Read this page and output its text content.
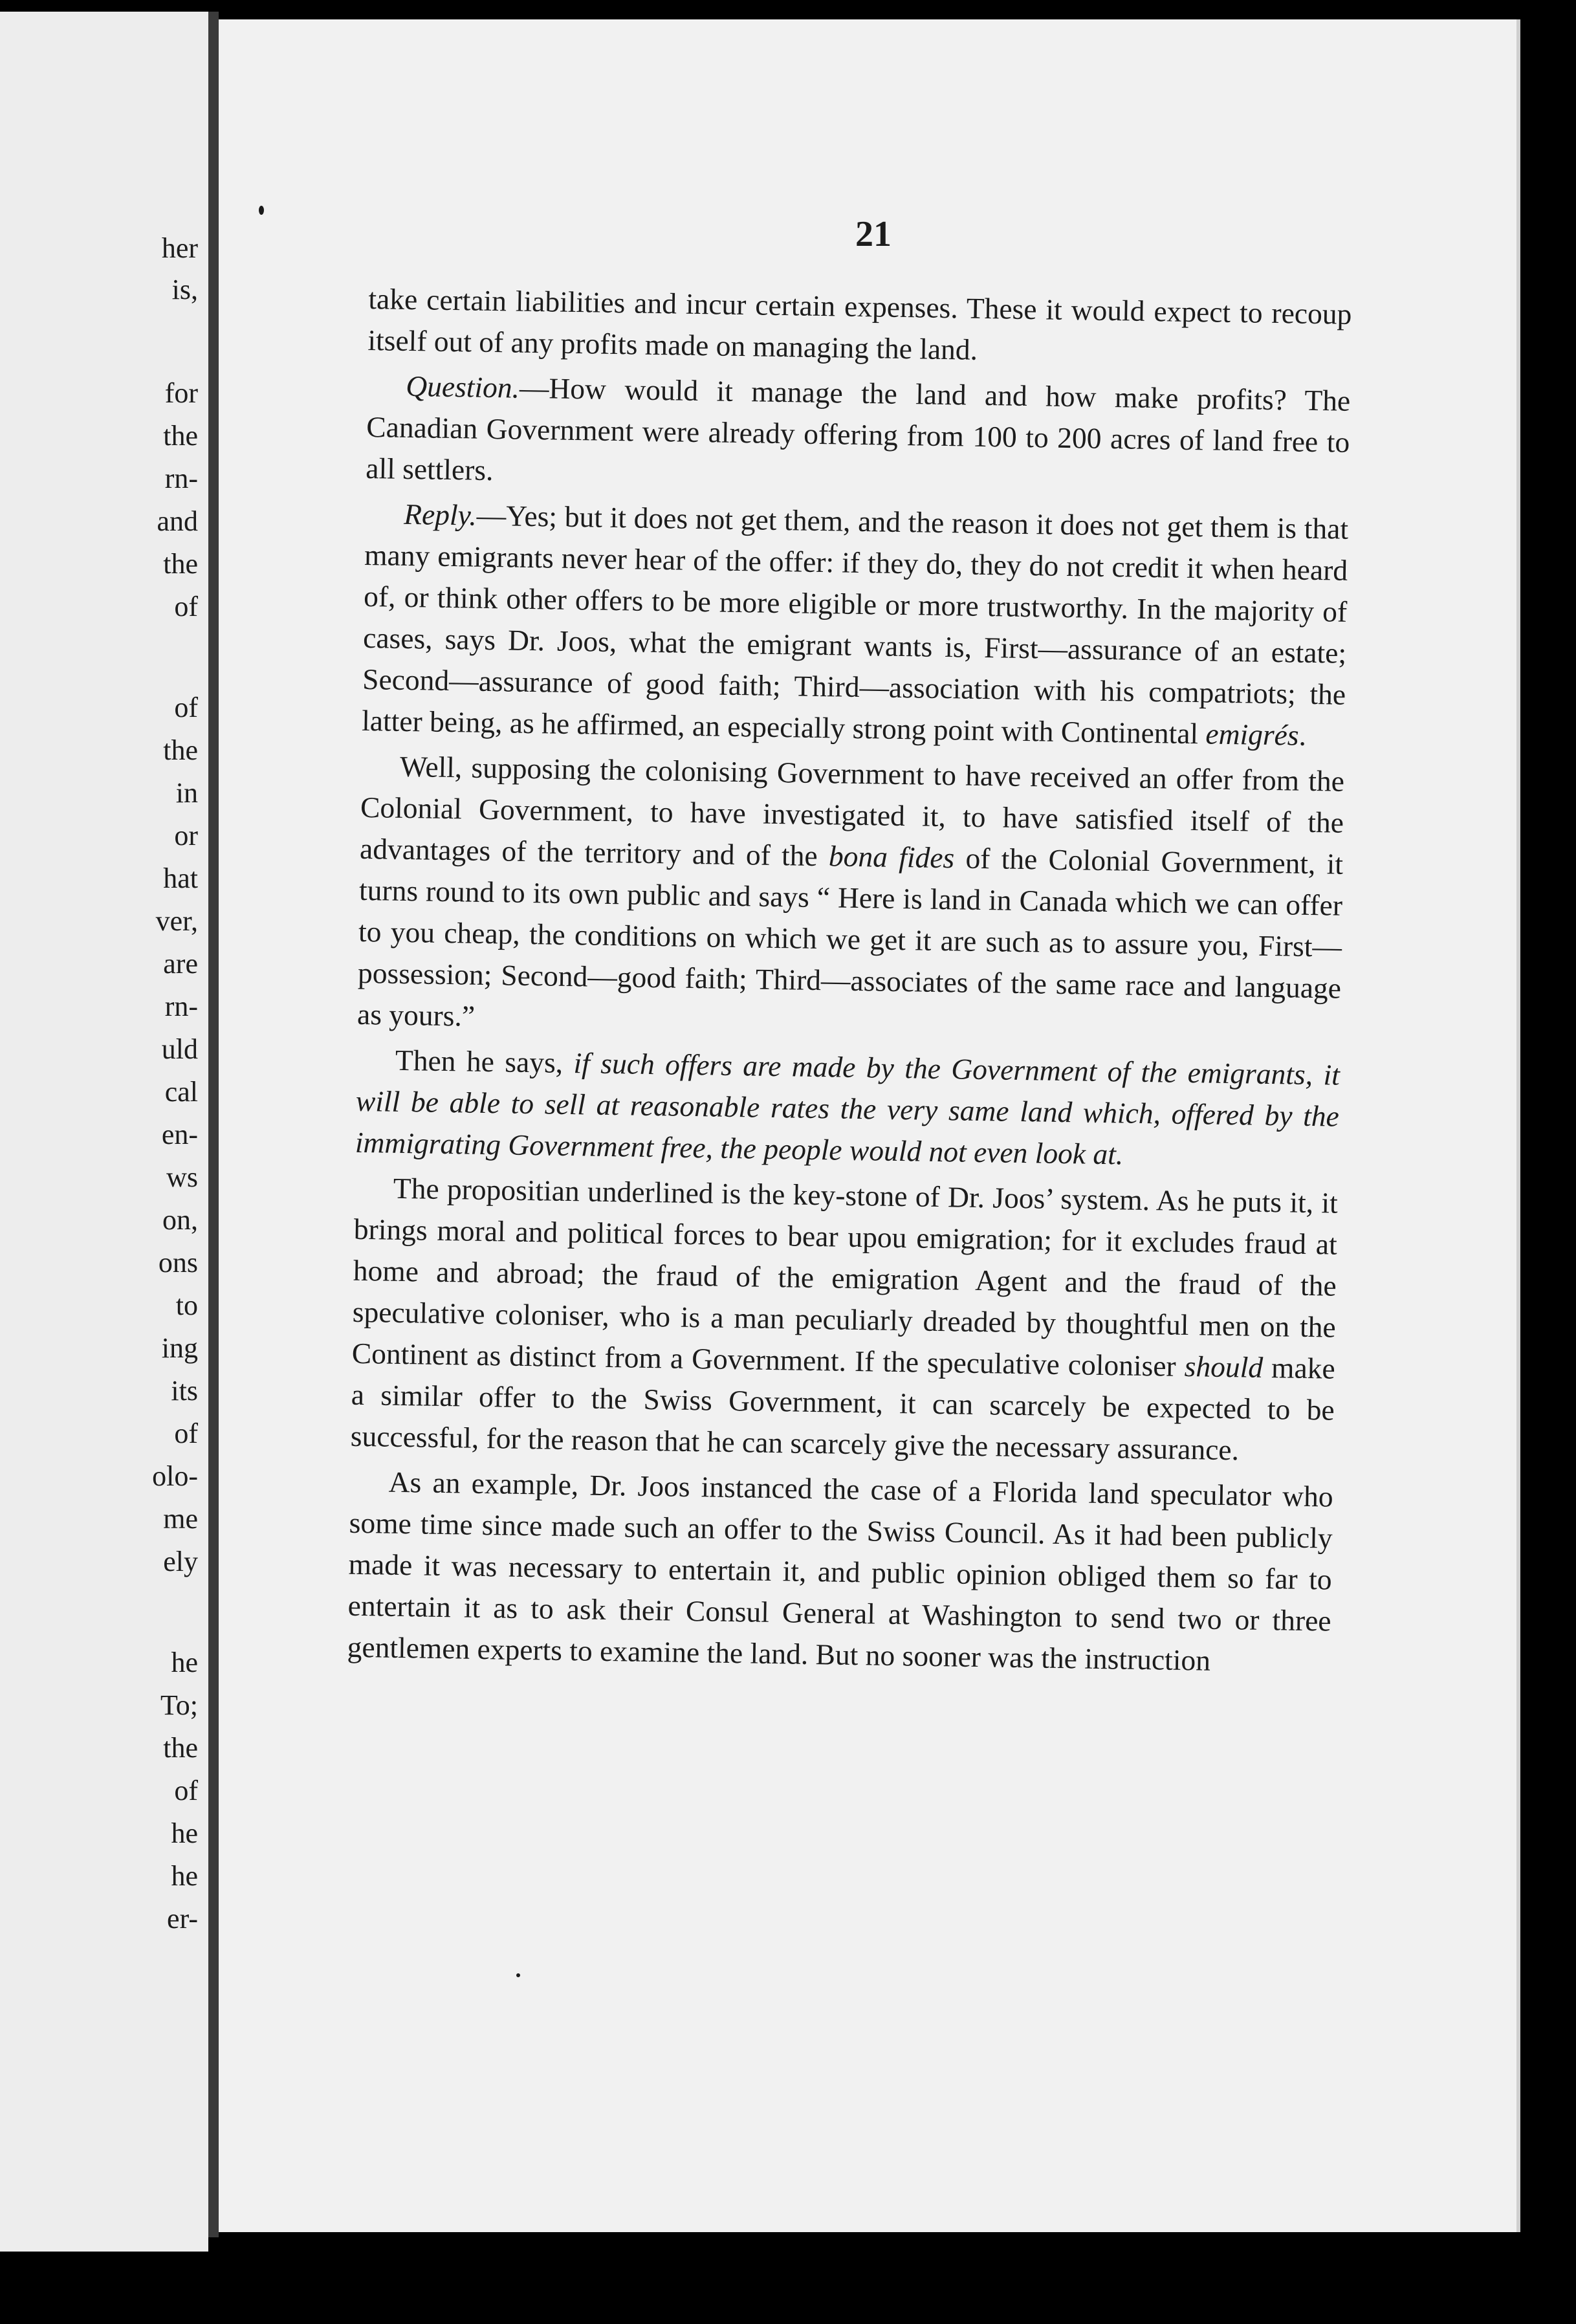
her
is,
for
the
rn-
and
the
of
of
the
in
or
hat
ver,
are
rn-
uld
cal
en-
ws
on,
ons
to
ing
its
of
olo-
me
ely
he
To;
the
of
he
he
er-
21

take certain liabilities and incur certain expenses. These it would expect to recoup itself out of any profits made on managing the land.

Question.—How would it manage the land and how make profits? The Canadian Government were already offering from 100 to 200 acres of land free to all settlers.

Reply.—Yes; but it does not get them, and the reason it does not get them is that many emigrants never hear of the offer: if they do, they do not credit it when heard of, or think other offers to be more eligible or more trustworthy. In the majority of cases, says Dr. Joos, what the emigrant wants is, First—assurance of an estate; Second—assurance of good faith; Third—association with his compatriots; the latter being, as he affirmed, an especially strong point with Continental emigrés.

Well, supposing the colonising Government to have received an offer from the Colonial Government, to have investigated it, to have satisfied itself of the advantages of the territory and of the bona fides of the Colonial Government, it turns round to its own public and says “ Here is land in Canada which we can offer to you cheap, the conditions on which we get it are such as to assure you, First—possession; Second—good faith; Third—associates of the same race and language as yours.”

Then he says, if such offers are made by the Government of the emigrants, it will be able to sell at reasonable rates the very same land which, offered by the immigrating Government free, the people would not even look at.

The propositian underlined is the key-stone of Dr. Joos’ system. As he puts it, it brings moral and political forces to bear upou emigration; for it excludes fraud at home and abroad; the fraud of the emigration Agent and the fraud of the speculative coloniser, who is a man peculiarly dreaded by thoughtful men on the Continent as distinct from a Government. If the speculative coloniser should make a similar offer to the Swiss Government, it can scarcely be expected to be successful, for the reason that he can scarcely give the necessary assurance.

As an example, Dr. Joos instanced the case of a Florida land speculator who some time since made such an offer to the Swiss Council. As it had been publicly made it was necessary to entertain it, and public opinion obliged them so far to entertain it as to ask their Consul General at Washington to send two or three gentlemen experts to examine the land. But no sooner was the instruction
